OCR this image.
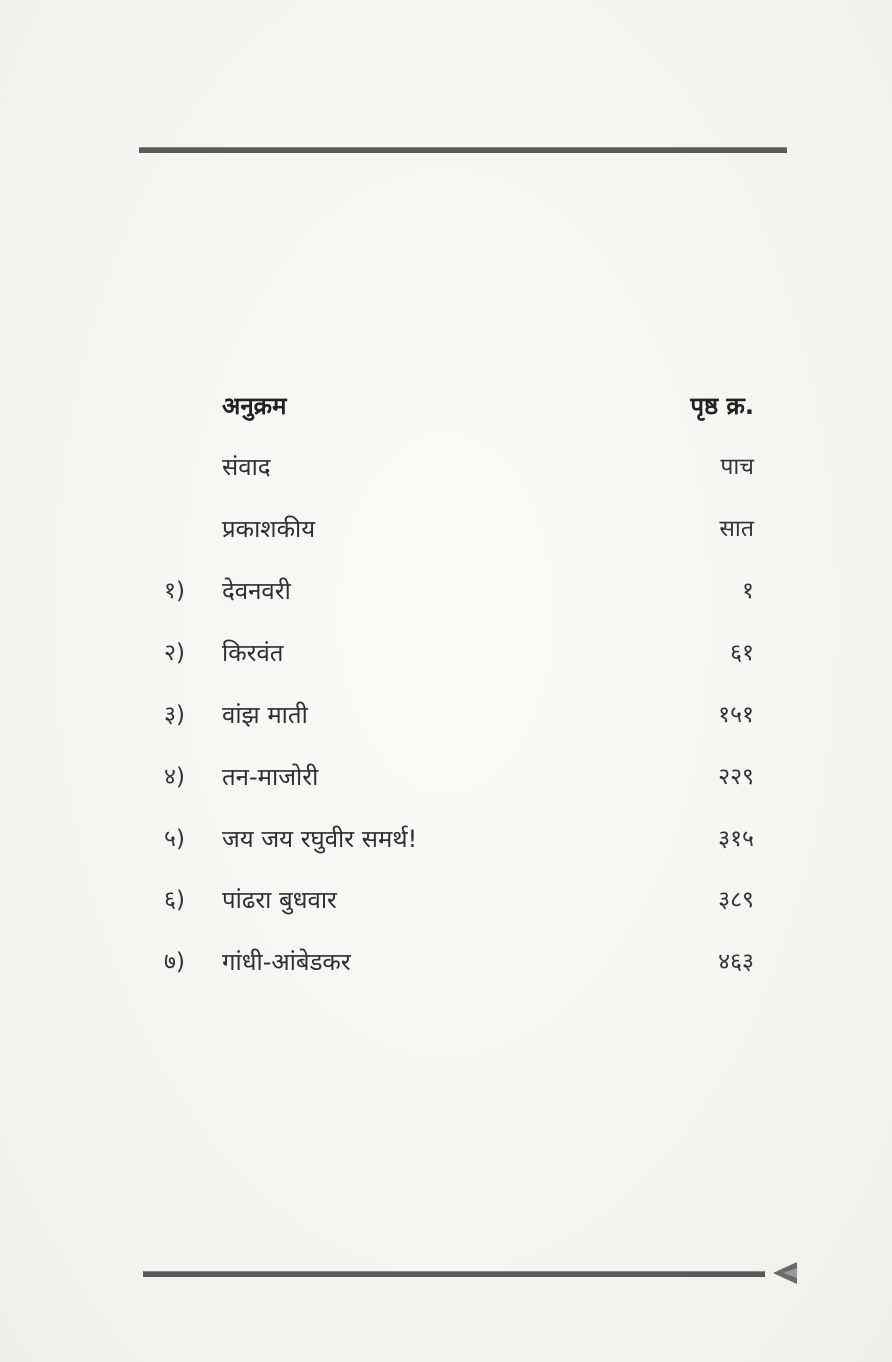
अनुक्रम	पृष्ठ क्र.
संवाद	पाच
प्रकाशकीय	सात
१) देवनवरी	१
२) किरवंत	६१
३) वांझ माती	१५१
४) तन-माजोरी	२२९
५) जय जय रघुवीर समर्थ!	३१५
६) पांढरा बुधवार	३८९
७) गांधी-आंबेडकर	४६३
